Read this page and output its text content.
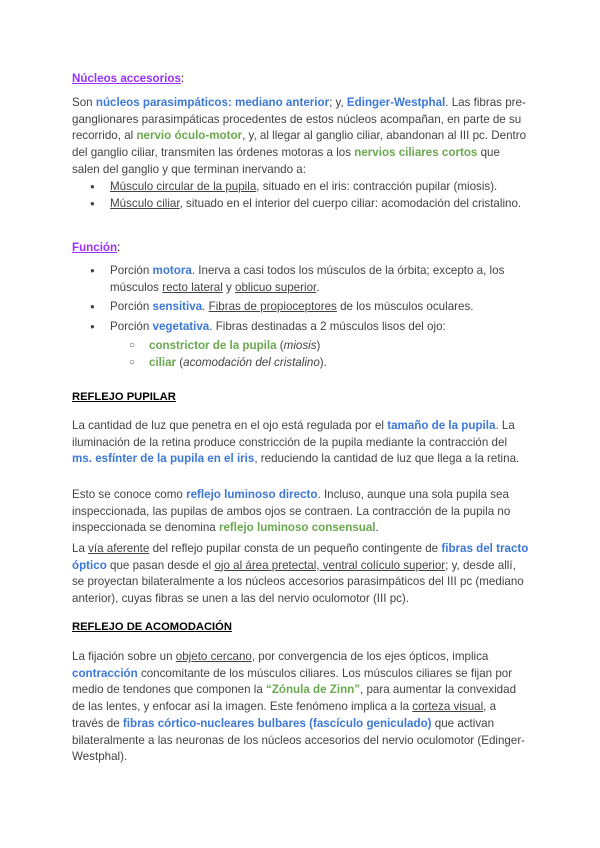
Núcleos accesorios:

Son núcleos parasimpáticos: mediano anterior; y, Edinger-Westphal. Las fibras pre-ganglionares parasimpáticas procedentes de estos núcleos acompañan, en parte de su recorrido, al nervio óculo-motor, y, al llegar al ganglio ciliar, abandonan al III pc. Dentro del ganglio ciliar, transmiten las órdenes motoras a los nervios ciliares cortos que salen del ganglio y que terminan inervando a:

● Músculo circular de la pupila, situado en el iris: contracción pupilar (miosis).
● Músculo ciliar, situado en el interior del cuerpo ciliar: acomodación del cristalino.

Función:

● Porción motora. Inerva a casi todos los músculos de la órbita; excepto a, los músculos recto lateral y oblicuo superior.
● Porción sensitiva. Fibras de propioceptores de los músculos oculares.
● Porción vegetativa. Fibras destinadas a 2 músculos lisos del ojo:
○ constrictor de la pupila (miosis)
○ ciliar (acomodación del cristalino).

REFLEJO PUPILAR

La cantidad de luz que penetra en el ojo está regulada por el tamaño de la pupila. La iluminación de la retina produce constricción de la pupila mediante la contracción del ms. esfínter de la pupila en el iris, reduciendo la cantidad de luz que llega a la retina.

Esto se conoce como reflejo luminoso directo. Incluso, aunque una sola pupila sea inspeccionada, las pupilas de ambos ojos se contraen. La contracción de la pupila no inspeccionada se denomina reflejo luminoso consensual.

La vía aferente del reflejo pupilar consta de un pequeño contingente de fibras del tracto óptico que pasan desde el ojo al área pretectal, ventral colículo superior; y, desde allí, se proyectan bilateralmente a los núcleos accesorios parasimpáticos del III pc (mediano anterior), cuyas fibras se unen a las del nervio oculomotor (III pc).

REFLEJO DE ACOMODACIÓN

La fijación sobre un objeto cercano, por convergencia de los ejes ópticos, implica contracción concomitante de los músculos ciliares. Los músculos ciliares se fijan por medio de tendones que componen la “Zónula de Zinn”, para aumentar la convexidad de las lentes, y enfocar así la imagen. Este fenómeno implica a la corteza visual, a través de fibras córtico-nucleares bulbares (fascículo geniculado) que activan bilateralmente a las neuronas de los núcleos accesorios del nervio oculomotor (Edinger-Westphal).
